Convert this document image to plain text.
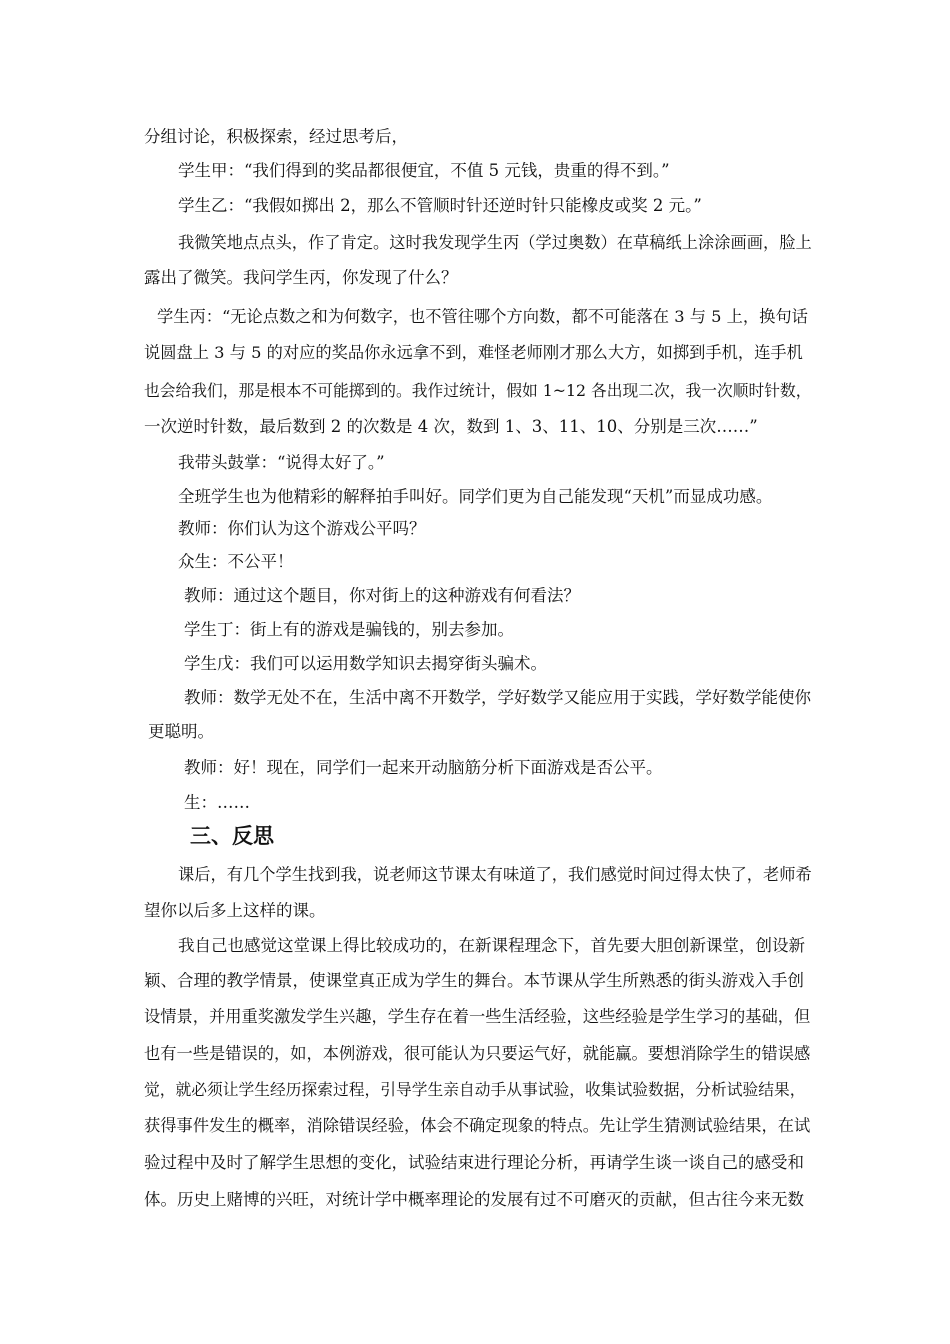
分组讨论，积极探索，经过思考后，
学生甲：“我们得到的奖品都很便宜，不值 5 元钱，贵重的得不到。”
学生乙：“我假如掷出 2，那么不管顺时针还逆时针只能橡皮或奖 2 元。”
我微笑地点点头，作了肯定。这时我发现学生丙（学过奥数）在草稿纸上涂涂画画，脸上
露出了微笑。我问学生丙，你发现了什么？
学生丙：“无论点数之和为何数字，也不管往哪个方向数，都不可能落在 3 与 5 上，换句话
说圆盘上 3 与 5 的对应的奖品你永远拿不到，难怪老师刚才那么大方，如掷到手机，连手机
也会给我们，那是根本不可能掷到的。我作过统计，假如 1~12 各出现二次，我一次顺时针数，
一次逆时针数，最后数到 2 的次数是 4 次，数到 1、3、11、10、分别是三次……”
我带头鼓掌：“说得太好了。”
全班学生也为他精彩的解释拍手叫好。同学们更为自己能发现“天机”而显成功感。
教师：你们认为这个游戏公平吗？
众生：不公平！
教师：通过这个题目，你对街上的这种游戏有何看法？
学生丁：街上有的游戏是骗钱的，别去参加。
学生戊：我们可以运用数学知识去揭穿街头骗术。
教师：数学无处不在，生活中离不开数学，学好数学又能应用于实践，学好数学能使你
更聪明。
教师：好！现在，同学们一起来开动脑筋分析下面游戏是否公平。
生：……
三、反思
课后，有几个学生找到我，说老师这节课太有味道了，我们感觉时间过得太快了，老师希
望你以后多上这样的课。
我自己也感觉这堂课上得比较成功的，在新课程理念下，首先要大胆创新课堂，创设新
颖、合理的教学情景，使课堂真正成为学生的舞台。本节课从学生所熟悉的街头游戏入手创
设情景，并用重奖激发学生兴趣，学生存在着一些生活经验，这些经验是学生学习的基础，但
也有一些是错误的，如，本例游戏，很可能认为只要运气好，就能赢。要想消除学生的错误感
觉，就必须让学生经历探索过程，引导学生亲自动手从事试验，收集试验数据，分析试验结果，
获得事件发生的概率，消除错误经验，体会不确定现象的特点。先让学生猜测试验结果，在试
验过程中及时了解学生思想的变化，试验结束进行理论分析，再请学生谈一谈自己的感受和
体。历史上赌博的兴旺，对统计学中概率理论的发展有过不可磨灭的贡献，但古往今来无数
